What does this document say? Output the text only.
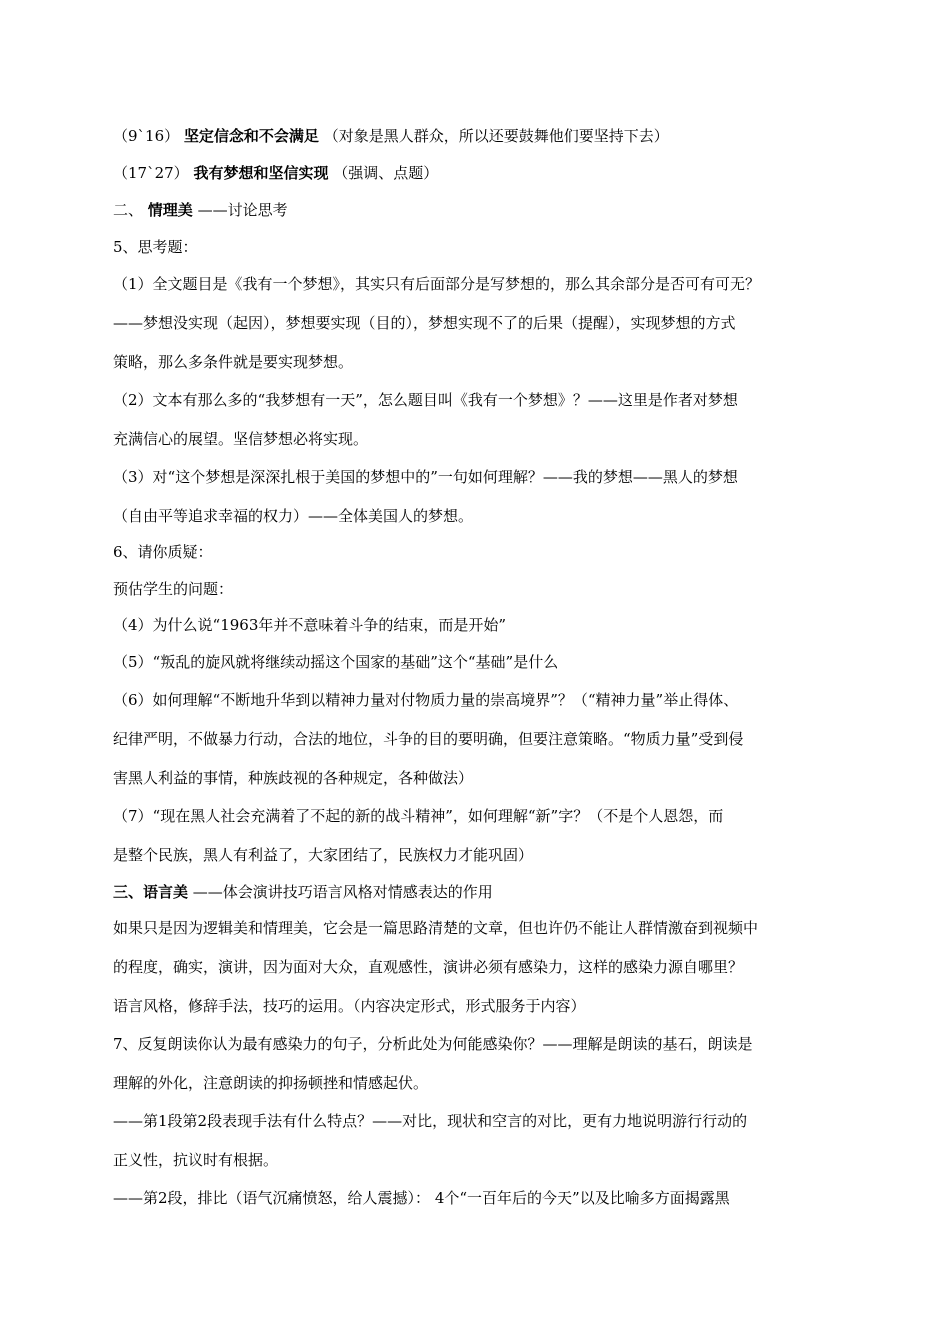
（9`16） 坚定信念和不会满足 （对象是黑人群众，所以还要鼓舞他们要坚持下去）
（17`27） 我有梦想和坚信实现 （强调、点题）
二、 情理美 ——讨论思考
5、思考题：
（1）全文题目是《我有一个梦想》，其实只有后面部分是写梦想的，那么其余部分是否可有可无？
——梦想没实现（起因），梦想要实现（目的），梦想实现不了的后果（提醒），实现梦想的方式
策略，那么多条件就是要实现梦想。
（2）文本有那么多的“我梦想有一天”，怎么题目叫《我有一个梦想》？——这里是作者对梦想
充满信心的展望。坚信梦想必将实现。
（3）对“这个梦想是深深扎根于美国的梦想中的”一句如何理解？——我的梦想——黑人的梦想
（自由平等追求幸福的权力）——全体美国人的梦想。
6、请你质疑：
预估学生的问题：
（4）为什么说“1963年并不意味着斗争的结束，而是开始”
（5）“叛乱的旋风就将继续动摇这个国家的基础”这个“基础”是什么
（6）如何理解“不断地升华到以精神力量对付物质力量的崇高境界”？（“精神力量”举止得体、
纪律严明，不做暴力行动，合法的地位，斗争的目的要明确，但要注意策略。“物质力量”受到侵
害黑人利益的事情，种族歧视的各种规定，各种做法）
（7）“现在黑人社会充满着了不起的新的战斗精神”，如何理解“新”字？（不是个人恩怨，而
是整个民族，黑人有利益了，大家团结了，民族权力才能巩固）
三、语言美 ——体会演讲技巧语言风格对情感表达的作用
如果只是因为逻辑美和情理美，它会是一篇思路清楚的文章，但也许仍不能让人群情激奋到视频中
的程度，确实，演讲，因为面对大众，直观感性，演讲必须有感染力，这样的感染力源自哪里？
语言风格，修辞手法，技巧的运用。（内容决定形式，形式服务于内容）
7、反复朗读你认为最有感染力的句子，分析此处为何能感染你？——理解是朗读的基石，朗读是
理解的外化，注意朗读的抑扬顿挫和情感起伏。
——第1段第2段表现手法有什么特点？——对比，现状和空言的对比，更有力地说明游行行动的
正义性，抗议时有根据。
——第2段，排比（语气沉痛愤怒，给人震撼）： 4个“一百年后的今天”以及比喻多方面揭露黑
